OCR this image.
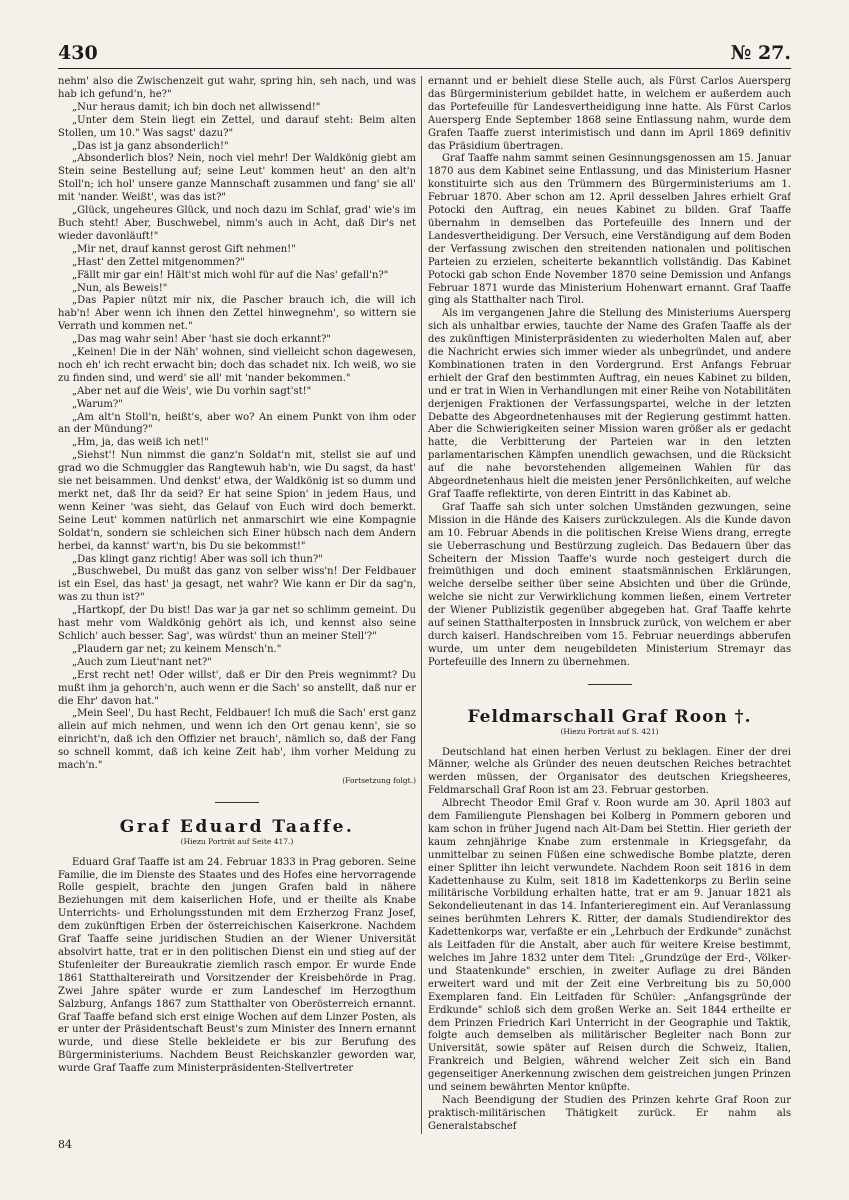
430	№ 27.

nehm' also die Zwischenzeit gut wahr, spring hin, seh nach, und was hab ich gefund'n, he?"

„Nur heraus damit; ich bin doch net allwissend!"

„Unter dem Stein liegt ein Zettel, und darauf steht: Beim alten Stollen, um 10." Was sagst' dazu?"

„Das ist ja ganz absonderlich!"

„Absonderlich blos? Nein, noch viel mehr! Der Waldkönig giebt am Stein seine Bestellung auf; seine Leut' kommen heut' an den alt'n Stoll'n; ich hol' unsere ganze Mannschaft zusammen und fang' sie all' mit 'nander. Weißt', was das ist?"

„Glück, ungeheures Glück, und noch dazu im Schlaf, grad' wie's im Buch steht! Aber, Buschwebel, nimm's auch in Acht, daß Dir's net wieder davonläuft!"

„Mir net, drauf kannst gerost Gift nehmen!"

„Hast' den Zettel mitgenommen?"

„Fällt mir gar ein! Hält'st mich wohl für auf die Nas' gefall'n?"

„Nun, als Beweis!"

„Das Papier nützt mir nix, die Pascher brauch ich, die will ich hab'n! Aber wenn ich ihnen den Zettel hinwegnehm', so wittern sie Verrath und kommen net."

„Das mag wahr sein! Aber 'hast sie doch erkannt?"

„Keinen! Die in der Näh' wohnen, sind vielleicht schon dagewesen, noch eh' ich recht erwacht bin; doch das schadet nix. Ich weiß, wo sie zu finden sind, und werd' sie all' mit 'nander bekommen."

„Aber net auf die Weis', wie Du vorhin sagt'st!"

„Warum?"

„Am alt'n Stoll'n, heißt's, aber wo? An einem Punkt von ihm oder an der Mündung?"

„Hm, ja, das weiß ich net!"

„Siehst'! Nun nimmst die ganz'n Soldat'n mit, stellst sie auf und grad wo die Schmuggler das Rangtewuh hab'n, wie Du sagst, da hast' sie net beisammen. Und denkst' etwa, der Waldkönig ist so dumm und merkt net, daß Ihr da seid? Er hat seine Spion' in jedem Haus, und wenn Keiner 'was sieht, das Gelauf von Euch wird doch bemerkt. Seine Leut' kommen natürlich net anmarschirt wie eine Kompagnie Soldat'n, sondern sie schleichen sich Einer hübsch nach dem Andern herbei, da kannst' wart'n, bis Du sie bekommst!"

„Das klingt ganz richtig! Aber was soll ich thun?"

„Buschwebel, Du mußt das ganz von selber wiss'n! Der Feldbauer ist ein Esel, das hast' ja gesagt, net wahr? Wie kann er Dir da sag'n, was zu thun ist?"

„Hartkopf, der Du bist! Das war ja gar net so schlimm gemeint. Du hast mehr vom Waldkönig gehört als ich, und kennst also seine Schlich' auch besser. Sag', was würdst' thun an meiner Stell'?"

„Plaudern gar net; zu keinem Mensch'n."

„Auch zum Lieut'nant net?"

„Erst recht net! Oder willst', daß er Dir den Preis wegnimmt? Du mußt ihm ja gehorch'n, auch wenn er die Sach' so anstellt, daß nur er die Ehr' davon hat."

„Mein Seel', Du hast Recht, Feldbauer! Ich muß die Sach' erst ganz allein auf mich nehmen, und wenn ich den Ort genau kenn', sie so einricht'n, daß ich den Offizier net brauch', nämlich so, daß der Fang so schnell kommt, daß ich keine Zeit hab', ihm vorher Meldung zu mach'n."

(Fortsetzung folgt.)
Graf Eduard Taaffe.
(Hiezu Porträt auf Seite 417.)

Eduard Graf Taaffe ist am 24. Februar 1833 in Prag geboren. Seine Familie, die im Dienste des Staates und des Hofes eine hervorragende Rolle gespielt, brachte den jungen Grafen bald in nähere Beziehungen mit dem kaiserlichen Hofe, und er theilte als Knabe Unterrichts- und Erholungsstunden mit dem Erzherzog Franz Josef, dem zukünftigen Erben der österreichischen Kaiserkrone. Nachdem Graf Taaffe seine juridischen Studien an der Wiener Universität absolvirt hatte, trat er in den politischen Dienst ein und stieg auf der Stufenleiter der Bureaukratie ziemlich rasch empor. Er wurde Ende 1861 Statthaltereirath und Vorsitzender der Kreisbehörde in Prag. Zwei Jahre später wurde er zum Landeschef im Herzogthum Salzburg, Anfangs 1867 zum Statthalter von Oberösterreich ernannt. Graf Taaffe befand sich erst einige Wochen auf dem Linzer Posten, als er unter der Präsidentschaft Beust's zum Minister des Innern ernannt wurde, und diese Stelle bekleidete er bis zur Berufung des Bürgerministeriums. Nachdem Beust Reichskanzler geworden war, wurde Graf Taaffe zum Ministerpräsidenten-Stellvertreter

ernannt und er behielt diese Stelle auch, als Fürst Carlos Auersperg das Bürgerministerium gebildet hatte, in welchem er außerdem auch das Portefeuille für Landesvertheidigung inne hatte. Als Fürst Carlos Auersperg Ende September 1868 seine Entlassung nahm, wurde dem Grafen Taaffe zuerst interimistisch und dann im April 1869 definitiv das Präsidium übertragen.

Graf Taaffe nahm sammt seinen Gesinnungsgenossen am 15. Januar 1870 aus dem Kabinet seine Entlassung, und das Ministerium Hasner konstituirte sich aus den Trümmern des Bürgerministeriums am 1. Februar 1870. Aber schon am 12. April desselben Jahres erhielt Graf Potocki den Auftrag, ein neues Kabinet zu bilden. Graf Taaffe übernahm in demselben das Portefeuille des Innern und der Landesvertheidigung. Der Versuch, eine Verständigung auf dem Boden der Verfassung zwischen den streitenden nationalen und politischen Parteien zu erzielen, scheiterte bekanntlich vollständig. Das Kabinet Potocki gab schon Ende November 1870 seine Demission und Anfangs Februar 1871 wurde das Ministerium Hohenwart ernannt. Graf Taaffe ging als Statthalter nach Tirol.

Als im vergangenen Jahre die Stellung des Ministeriums Auersperg sich als unhaltbar erwies, tauchte der Name des Grafen Taaffe als der des zukünftigen Ministerpräsidenten zu wiederholten Malen auf, aber die Nachricht erwies sich immer wieder als unbegründet, und andere Kombinationen traten in den Vordergrund. Erst Anfangs Februar erhielt der Graf den bestimmten Auftrag, ein neues Kabinet zu bilden, und er trat in Wien in Verhandlungen mit einer Reihe von Notabilitäten derjenigen Fraktionen der Verfassungspartei, welche in der letzten Debatte des Abgeordnetenhauses mit der Regierung gestimmt hatten. Aber die Schwierigkeiten seiner Mission waren größer als er gedacht hatte, die Verbitterung der Parteien war in den letzten parlamentarischen Kämpfen unendlich gewachsen, und die Rücksicht auf die nahe bevorstehenden allgemeinen Wahlen für das Abgeordnetenhaus hielt die meisten jener Persönlichkeiten, auf welche Graf Taaffe reflektirte, von deren Eintritt in das Kabinet ab.

Graf Taaffe sah sich unter solchen Umständen gezwungen, seine Mission in die Hände des Kaisers zurückzulegen. Als die Kunde davon am 10. Februar Abends in die politischen Kreise Wiens drang, erregte sie Ueberraschung und Bestürzung zugleich. Das Bedauern über das Scheitern der Mission Taaffe's wurde noch gesteigert durch die freimüthigen und doch eminent staatsmännischen Erklärungen, welche derselbe seither über seine Absichten und über die Gründe, welche sie nicht zur Verwirklichung kommen ließen, einem Vertreter der Wiener Publizistik gegenüber abgegeben hat. Graf Taaffe kehrte auf seinen Statthalterposten in Innsbruck zurück, von welchem er aber durch kaiserl. Handschreiben vom 15. Februar neuerdings abberufen wurde, um unter dem neugebildeten Ministerium Stremayr das Portefeuille des Innern zu übernehmen.

Feldmarschall Graf Roon †.
(Hiezu Porträt auf S. 421)

Deutschland hat einen herben Verlust zu beklagen. Einer der drei Männer, welche als Gründer des neuen deutschen Reiches betrachtet werden müssen, der Organisator des deutschen Kriegsheeres, Feldmarschall Graf Roon ist am 23. Februar gestorben.

Albrecht Theodor Emil Graf v. Roon wurde am 30. April 1803 auf dem Familiengute Plenshagen bei Kolberg in Pommern geboren und kam schon in früher Jugend nach Alt-Dam bei Stettin. Hier gerieth der kaum zehnjährige Knabe zum erstenmale in Kriegsgefahr, da unmittelbar zu seinen Füßen eine schwedische Bombe platzte, deren einer Splitter ihn leicht verwundete. Nachdem Roon seit 1816 in dem Kadettenhause zu Kulm, seit 1818 im Kadettenkorps zu Berlin seine militärische Vorbildung erhalten hatte, trat er am 9. Januar 1821 als Sekondelieutenant in das 14. Infanterieregiment ein. Auf Veranlassung seines berühmten Lehrers K. Ritter, der damals Studiendirektor des Kadettenkorps war, verfaßte er ein „Lehrbuch der Erdkunde" zunächst als Leitfaden für die Anstalt, aber auch für weitere Kreise bestimmt, welches im Jahre 1832 unter dem Titel: „Grundzüge der Erd-, Völker- und Staatenkunde" erschien, in zweiter Auflage zu drei Bänden erweitert ward und mit der Zeit eine Verbreitung bis zu 50,000 Exemplaren fand. Ein Leitfaden für Schüler: „Anfangsgründe der Erdkunde" schloß sich dem großen Werke an. Seit 1844 ertheilte er dem Prinzen Friedrich Karl Unterricht in der Geographie und Taktik, folgte auch demselben als militärischer Begleiter nach Bonn zur Universität, sowie später auf Reisen durch die Schweiz, Italien, Frankreich und Belgien, während welcher Zeit sich ein Band gegenseitiger Anerkennung zwischen dem geistreichen jungen Prinzen und seinem bewährten Mentor knüpfte.

Nach Beendigung der Studien des Prinzen kehrte Graf Roon zur praktisch-militärischen Thätigkeit zurück. Er nahm als Generalstabschef

84
